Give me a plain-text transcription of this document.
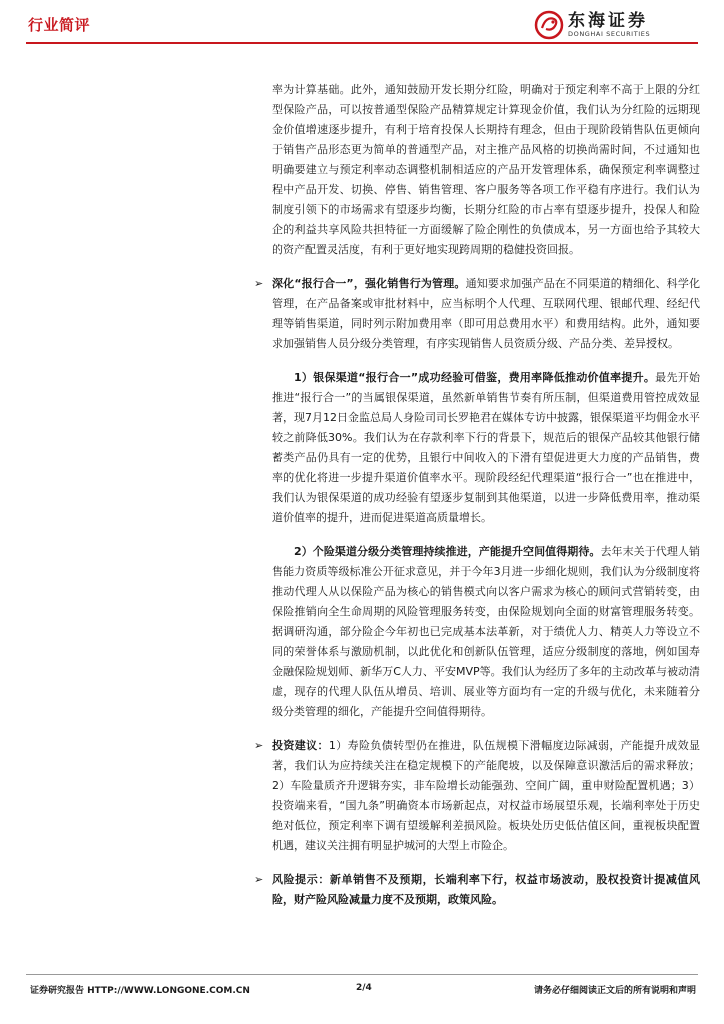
行业简评	东海证券
DONGHAI SECURITIES

率为计算基础。此外，通知鼓励开发长期分红险，明确对于预定利率不高于上限的分红型保险产品，可以按普通型保险产品精算规定计算现金价值，我们认为分红险的远期现金价值增速逐步提升，有利于培育投保人长期持有理念，但由于现阶段销售队伍更倾向于销售产品形态更为简单的普通型产品，对主推产品风格的切换尚需时间，不过通知也明确要建立与预定利率动态调整机制相适应的产品开发管理体系，确保预定利率调整过程中产品开发、切换、停售、销售管理、客户服务等各项工作平稳有序进行。我们认为制度引领下的市场需求有望逐步均衡，长期分红险的市占率有望逐步提升，投保人和险企的利益共享风险共担特征一方面缓解了险企刚性的负债成本，另一方面也给予其较大的资产配置灵活度，有利于更好地实现跨周期的稳健投资回报。

➢ 深化“报行合一”，强化销售行为管理。通知要求加强产品在不同渠道的精细化、科学化管理，在产品备案或审批材料中，应当标明个人代理、互联网代理、银邮代理、经纪代理等销售渠道，同时列示附加费用率（即可用总费用水平）和费用结构。此外，通知要求加强销售人员分级分类管理，有序实现销售人员资质分级、产品分类、差异授权。

1）银保渠道“报行合一”成功经验可借鉴，费用率降低推动价值率提升。最先开始推进“报行合一”的当属银保渠道，虽然新单销售节奏有所压制，但渠道费用管控成效显著，现7月12日金监总局人身险司司长罗艳君在媒体专访中披露，银保渠道平均佣金水平较之前降低30%。我们认为在存款利率下行的背景下，规范后的银保产品较其他银行储蓄类产品仍具有一定的优势，且银行中间收入的下滑有望促进更大力度的产品销售，费率的优化将进一步提升渠道价值率水平。现阶段经纪代理渠道“报行合一”也在推进中，我们认为银保渠道的成功经验有望逐步复制到其他渠道，以进一步降低费用率，推动渠道价值率的提升，进而促进渠道高质量增长。

2）个险渠道分级分类管理持续推进，产能提升空间值得期待。去年末关于代理人销售能力资质等级标准公开征求意见，并于今年3月进一步细化规则，我们认为分级制度将推动代理人从以保险产品为核心的销售模式向以客户需求为核心的顾问式营销转变，由保险推销向全生命周期的风险管理服务转变，由保险规划向全面的财富管理服务转变。据调研沟通，部分险企今年初也已完成基本法革新，对于绩优人力、精英人力等设立不同的荣誉体系与激励机制，以此优化和创新队伍管理，适应分级制度的落地，例如国寿金融保险规划师、新华万C人力、平安MVP等。我们认为经历了多年的主动改革与被动清虚，现存的代理人队伍从增员、培训、展业等方面均有一定的升级与优化，未来随着分级分类管理的细化，产能提升空间值得期待。

➢ 投资建议：1）寿险负债转型仍在推进，队伍规模下滑幅度边际减弱，产能提升成效显著，我们认为应持续关注在稳定规模下的产能爬坡，以及保障意识激活后的需求释放；2）车险量质齐升逻辑夯实，非车险增长动能强劲、空间广阔，重申财险配置机遇；3）投资端来看，“国九条”明确资本市场新起点，对权益市场展望乐观，长端利率处于历史绝对低位，预定利率下调有望缓解利差损风险。板块处历史低估值区间，重视板块配置机遇，建议关注拥有明显护城河的大型上市险企。

➢ 风险提示：新单销售不及预期，长端利率下行，权益市场波动，股权投资计提减值风险，财产险风险减量力度不及预期，政策风险。

证券研究报告 HTTP://WWW.LONGONE.COM.CN	2/4	请务必仔细阅读正文后的所有说明和声明
